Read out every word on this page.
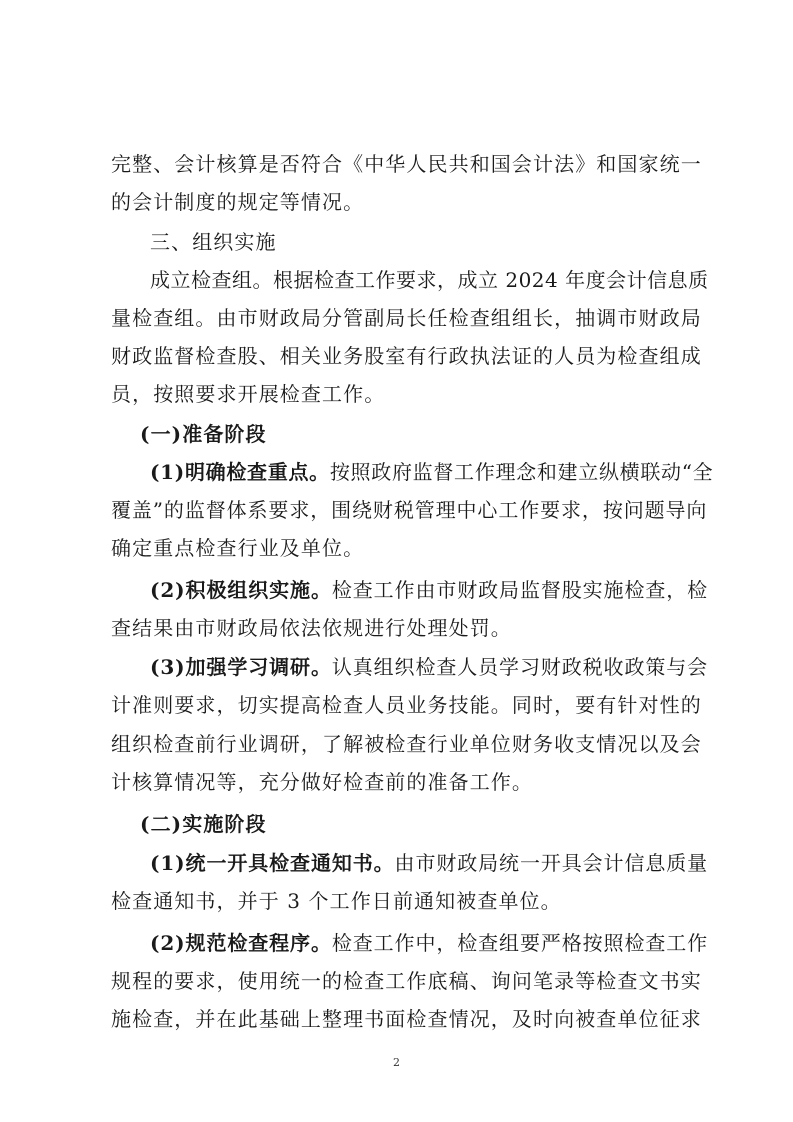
完整、会计核算是否符合《中华人民共和国会计法》和国家统一
的会计制度的规定等情况。
三、组织实施
成立检查组。根据检查工作要求，成立 2024 年度会计信息质
量检查组。由市财政局分管副局长任检查组组长，抽调市财政局
财政监督检查股、相关业务股室有行政执法证的人员为检查组成
员，按照要求开展检查工作。
(一)准备阶段
(1)明确检查重点。按照政府监督工作理念和建立纵横联动“全
覆盖”的监督体系要求，围绕财税管理中心工作要求，按问题导向
确定重点检查行业及单位。
(2)积极组织实施。检查工作由市财政局监督股实施检查，检
查结果由市财政局依法依规进行处理处罚。
(3)加强学习调研。认真组织检查人员学习财政税收政策与会
计准则要求，切实提高检查人员业务技能。同时，要有针对性的
组织检查前行业调研，了解被检查行业单位财务收支情况以及会
计核算情况等，充分做好检查前的准备工作。
(二)实施阶段
(1)统一开具检查通知书。由市财政局统一开具会计信息质量
检查通知书，并于 3 个工作日前通知被查单位。
(2)规范检查程序。检查工作中，检查组要严格按照检查工作
规程的要求，使用统一的检查工作底稿、询问笔录等检查文书实
施检查，并在此基础上整理书面检查情况，及时向被查单位征求
2
